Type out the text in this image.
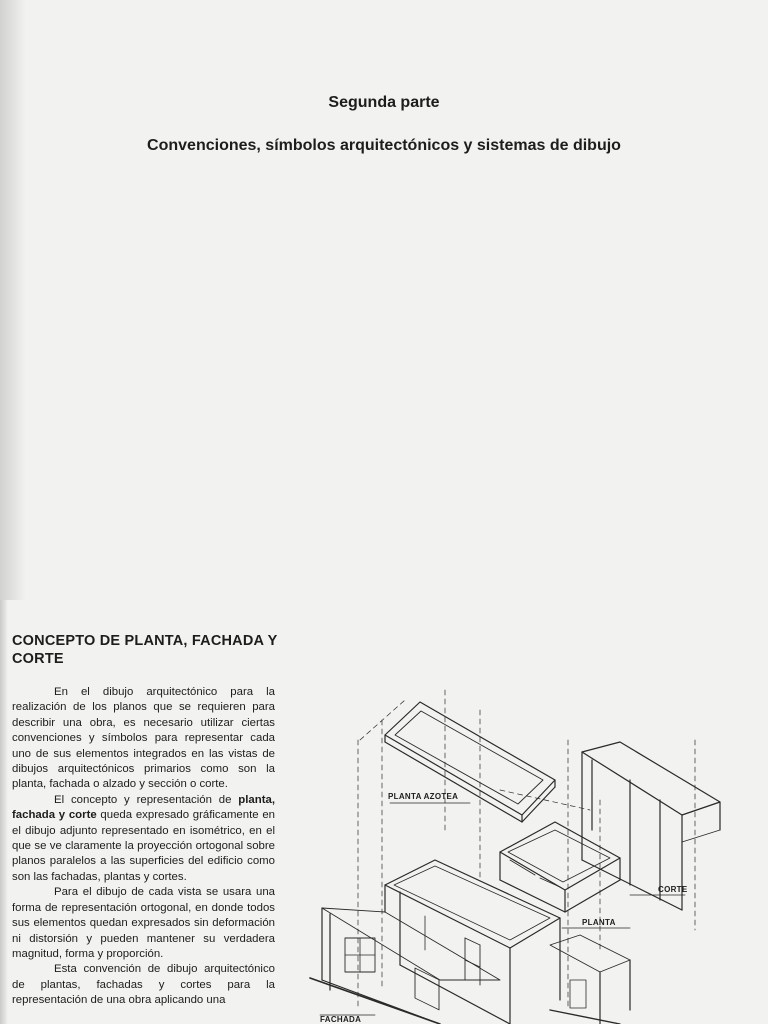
Segunda parte
Convenciones, símbolos arquitectónicos y sistemas de dibujo
CONCEPTO DE PLANTA, FACHADA Y CORTE

En el dibujo arquitectónico para la realización de los planos que se requieren para describir una obra, es necesario utilizar ciertas convenciones y símbolos para representar cada uno de sus elementos integrados en las vistas de dibujos arquitectónicos primarios como son la planta, fachada o alzado y sección o corte.

El concepto y representación de planta, fachada y corte queda expresado gráficamente en el dibujo adjunto representado en isométrico, en el que se ve claramente la proyección ortogonal sobre planos paralelos a las superficies del edificio como son las fachadas, plantas y cortes.

Para el dibujo de cada vista se usara una forma de representación ortogonal, en donde todos sus elementos quedan expresados sin deformación ni distorsión y pueden mantener su verdadera magnitud, forma y proporción.

Esta convención de dibujo arquitectónico de plantas, fachadas y cortes para la representación de una obra aplicando una

PLANTA AZOTEA
CORTE
PLANTA
FACHADA
